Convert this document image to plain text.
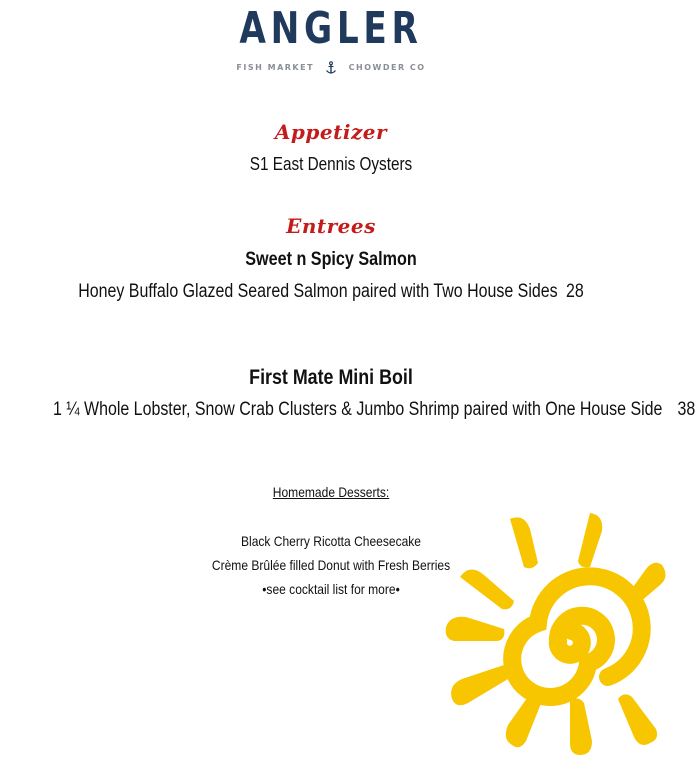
ANGLER
FISH MARKET	CHOWDER CO
Appetizer
S1 East Dennis Oysters
Entrees
Sweet n Spicy Salmon
Honey Buffalo Glazed Seared Salmon paired with Two House Sides 28
First Mate Mini Boil
1 ¼ Whole Lobster, Snow Crab Clusters & Jumbo Shrimp paired with One House Side 38
Homemade Desserts:
Black Cherry Ricotta Cheesecake
Crème Brûlée filled Donut with Fresh Berries
•see cocktail list for more•
